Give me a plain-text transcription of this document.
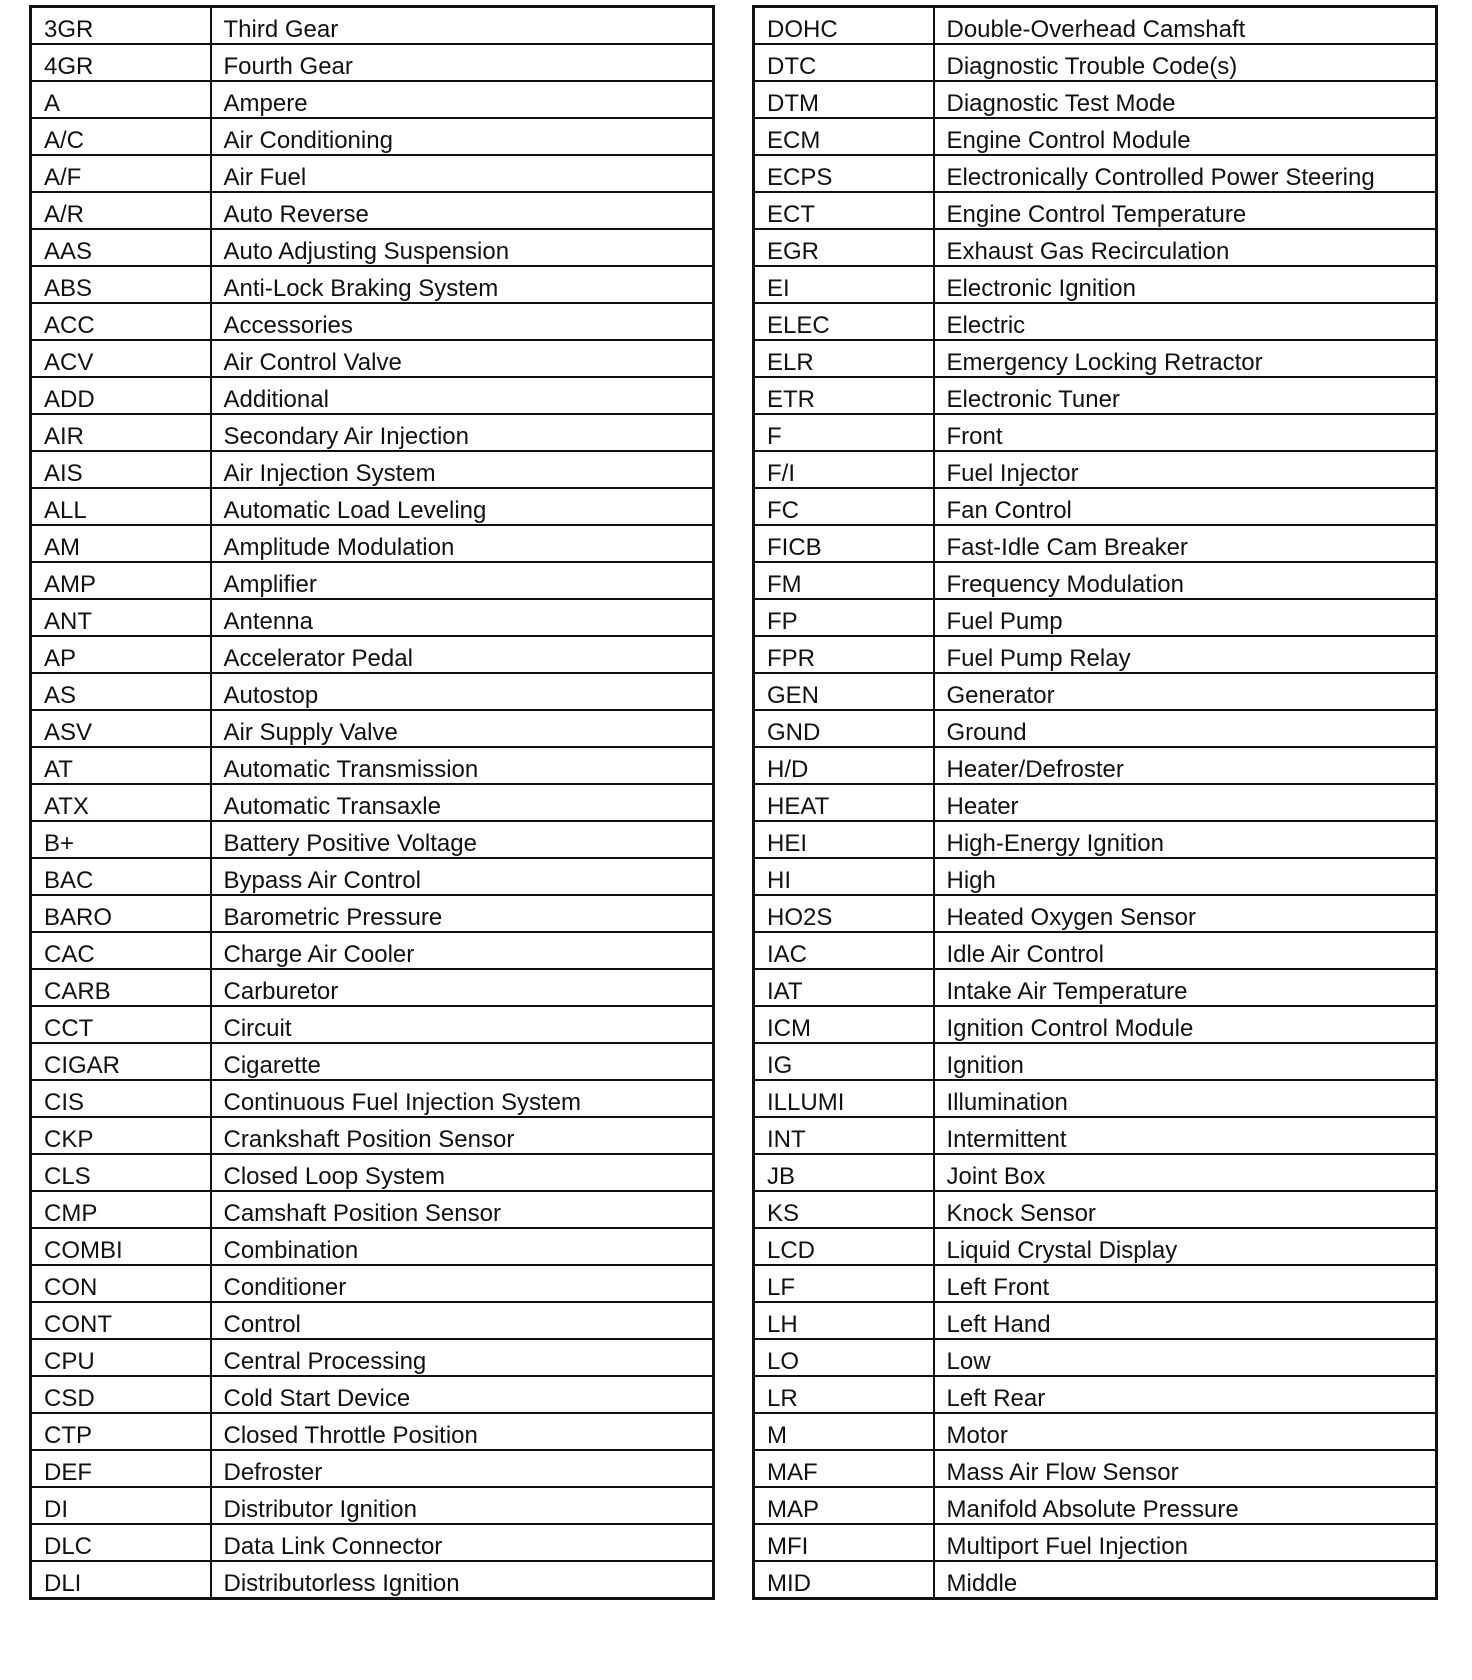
3GR	Third Gear
4GR	Fourth Gear
A	Ampere
A/C	Air Conditioning
A/F	Air Fuel
A/R	Auto Reverse
AAS	Auto Adjusting Suspension
ABS	Anti-Lock Braking System
ACC	Accessories
ACV	Air Control Valve
ADD	Additional
AIR	Secondary Air Injection
AIS	Air Injection System
ALL	Automatic Load Leveling
AM	Amplitude Modulation
AMP	Amplifier
ANT	Antenna
AP	Accelerator Pedal
AS	Autostop
ASV	Air Supply Valve
AT	Automatic Transmission
ATX	Automatic Transaxle
B+	Battery Positive Voltage
BAC	Bypass Air Control
BARO	Barometric Pressure
CAC	Charge Air Cooler
CARB	Carburetor
CCT	Circuit
CIGAR	Cigarette
CIS	Continuous Fuel Injection System
CKP	Crankshaft Position Sensor
CLS	Closed Loop System
CMP	Camshaft Position Sensor
COMBI	Combination
CON	Conditioner
CONT	Control
CPU	Central Processing
CSD	Cold Start Device
CTP	Closed Throttle Position
DEF	Defroster
DI	Distributor Ignition
DLC	Data Link Connector
DLI	Distributorless Ignition
DOHC	Double-Overhead Camshaft
DTC	Diagnostic Trouble Code(s)
DTM	Diagnostic Test Mode
ECM	Engine Control Module
ECPS	Electronically Controlled Power Steering
ECT	Engine Control Temperature
EGR	Exhaust Gas Recirculation
EI	Electronic Ignition
ELEC	Electric
ELR	Emergency Locking Retractor
ETR	Electronic Tuner
F	Front
F/I	Fuel Injector
FC	Fan Control
FICB	Fast-Idle Cam Breaker
FM	Frequency Modulation
FP	Fuel Pump
FPR	Fuel Pump Relay
GEN	Generator
GND	Ground
H/D	Heater/Defroster
HEAT	Heater
HEI	High-Energy Ignition
HI	High
HO2S	Heated Oxygen Sensor
IAC	Idle Air Control
IAT	Intake Air Temperature
ICM	Ignition Control Module
IG	Ignition
ILLUMI	Illumination
INT	Intermittent
JB	Joint Box
KS	Knock Sensor
LCD	Liquid Crystal Display
LF	Left Front
LH	Left Hand
LO	Low
LR	Left Rear
M	Motor
MAF	Mass Air Flow Sensor
MAP	Manifold Absolute Pressure
MFI	Multiport Fuel Injection
MID	Middle
